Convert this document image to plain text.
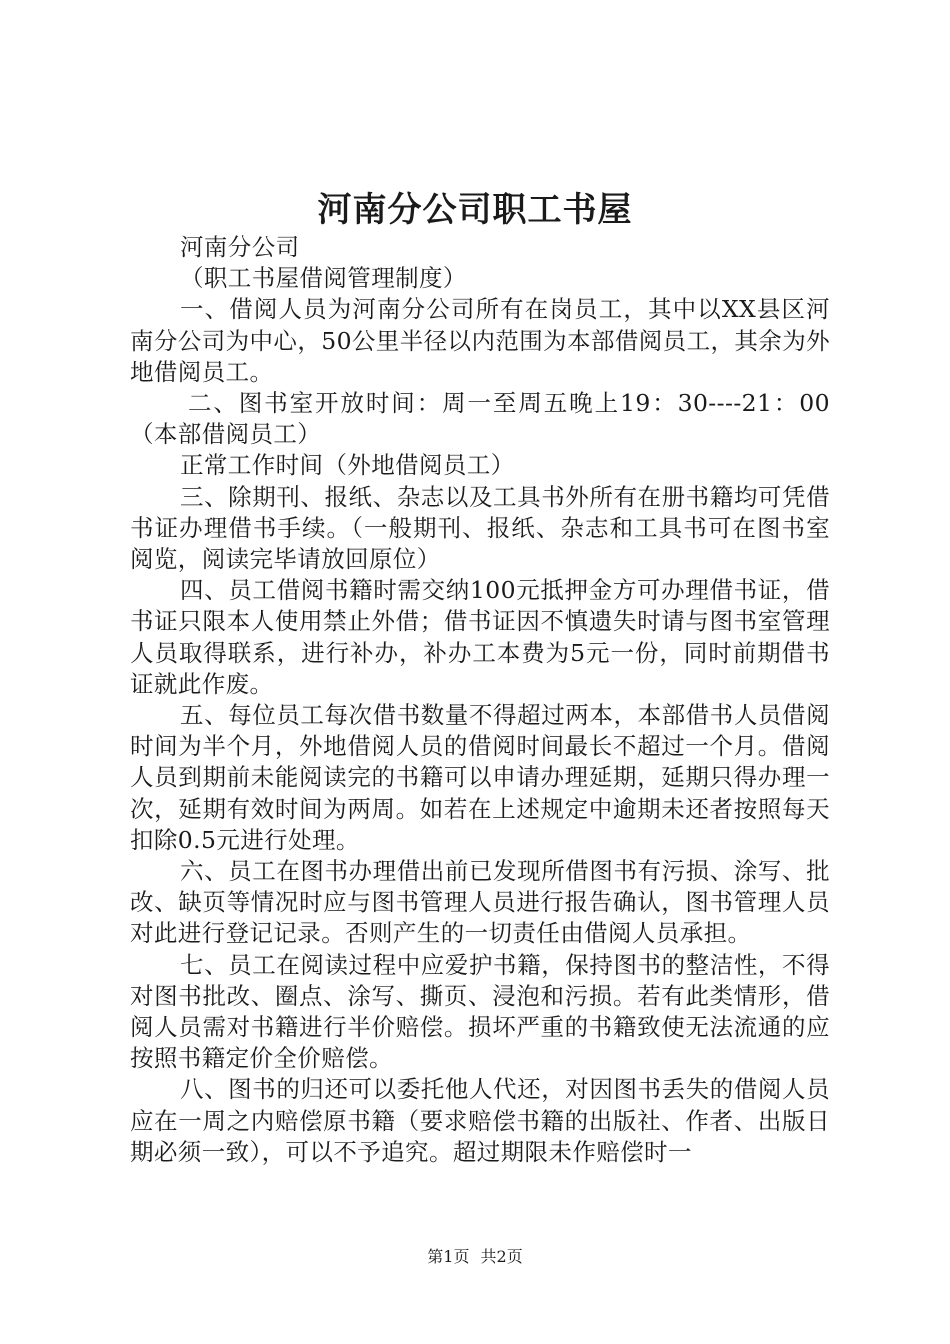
河南分公司职工书屋

河南分公司

（职工书屋借阅管理制度）

一、借阅人员为河南分公司所有在岗员工，其中以XX县区河南分公司为中心，50公里半径以内范围为本部借阅员工，其余为外地借阅员工。

二、图书室开放时间：周一至周五晚上19：30----21：00（本部借阅员工）

正常工作时间（外地借阅员工）

三、除期刊、报纸、杂志以及工具书外所有在册书籍均可凭借书证办理借书手续。（一般期刊、报纸、杂志和工具书可在图书室阅览，阅读完毕请放回原位）

四、员工借阅书籍时需交纳100元抵押金方可办理借书证，借书证只限本人使用禁止外借；借书证因不慎遗失时请与图书室管理人员取得联系，进行补办，补办工本费为5元一份，同时前期借书证就此作废。

五、每位员工每次借书数量不得超过两本，本部借书人员借阅时间为半个月，外地借阅人员的借阅时间最长不超过一个月。借阅人员到期前未能阅读完的书籍可以申请办理延期，延期只得办理一次，延期有效时间为两周。如若在上述规定中逾期未还者按照每天扣除0.5元进行处理。

六、员工在图书办理借出前已发现所借图书有污损、涂写、批改、缺页等情况时应与图书管理人员进行报告确认，图书管理人员对此进行登记记录。否则产生的一切责任由借阅人员承担。

七、员工在阅读过程中应爱护书籍，保持图书的整洁性，不得对图书批改、圈点、涂写、撕页、浸泡和污损。若有此类情形，借阅人员需对书籍进行半价赔偿。损坏严重的书籍致使无法流通的应按照书籍定价全价赔偿。

八、图书的归还可以委托他人代还，对因图书丢失的借阅人员应在一周之内赔偿原书籍（要求赔偿书籍的出版社、作者、出版日期必须一致），可以不予追究。超过期限未作赔偿时一

第1页 共2页
